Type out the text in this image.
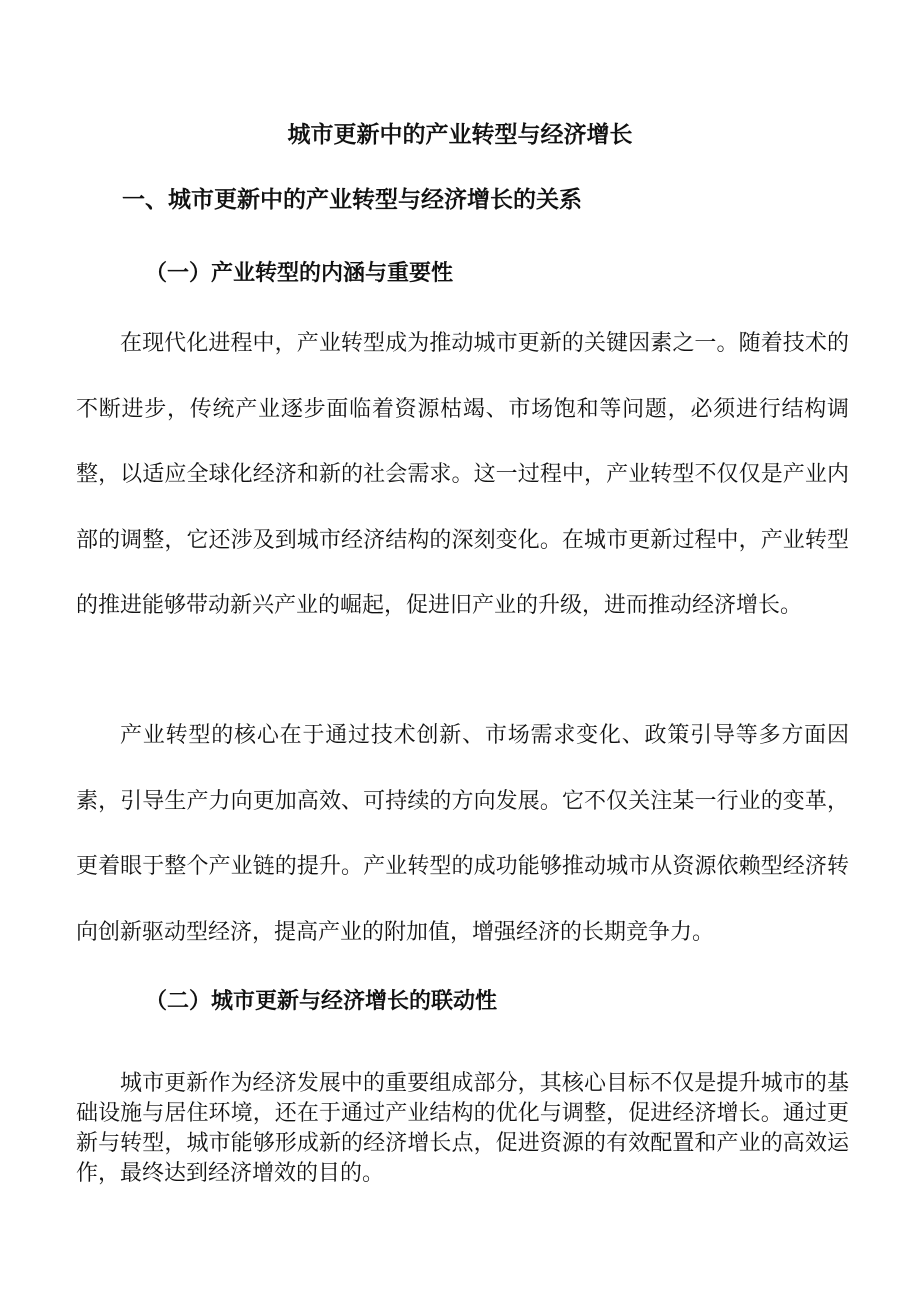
城市更新中的产业转型与经济增长
一、城市更新中的产业转型与经济增长的关系
（一）产业转型的内涵与重要性

在现代化进程中，产业转型成为推动城市更新的关键因素之一。随着技术的不断进步，传统产业逐步面临着资源枯竭、市场饱和等问题，必须进行结构调整，以适应全球化经济和新的社会需求。这一过程中，产业转型不仅仅是产业内部的调整，它还涉及到城市经济结构的深刻变化。在城市更新过程中，产业转型的推进能够带动新兴产业的崛起，促进旧产业的升级，进而推动经济增长。

产业转型的核心在于通过技术创新、市场需求变化、政策引导等多方面因素，引导生产力向更加高效、可持续的方向发展。它不仅关注某一行业的变革，更着眼于整个产业链的提升。产业转型的成功能够推动城市从资源依赖型经济转向创新驱动型经济，提高产业的附加值，增强经济的长期竞争力。

（二）城市更新与经济增长的联动性

城市更新作为经济发展中的重要组成部分，其核心目标不仅是提升城市的基础设施与居住环境，还在于通过产业结构的优化与调整，促进经济增长。通过更新与转型，城市能够形成新的经济增长点，促进资源的有效配置和产业的高效运作，最终达到经济增效的目的。
